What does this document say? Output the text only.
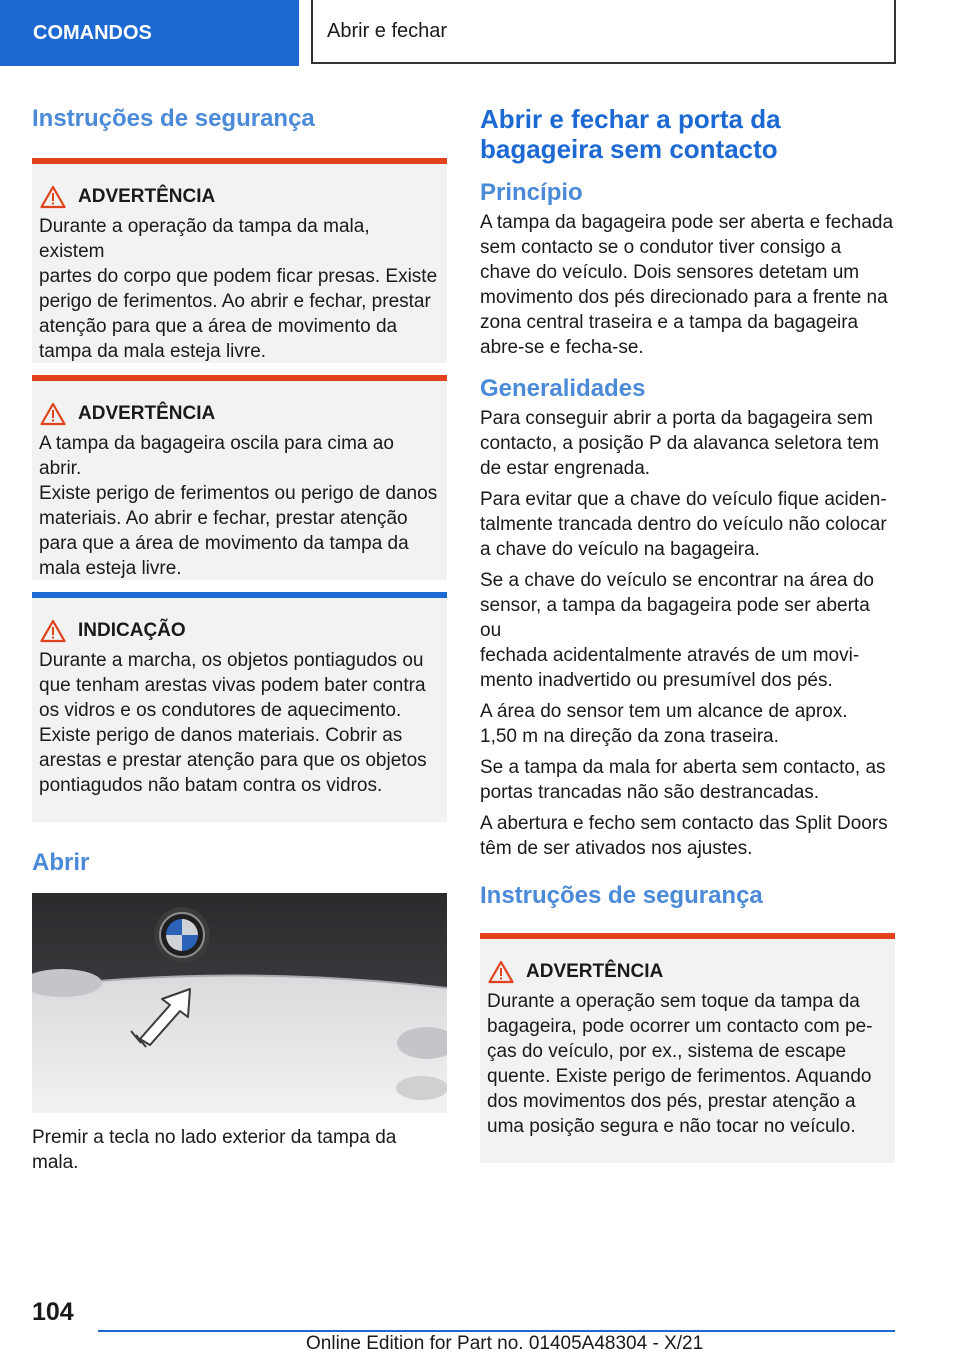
COMANDOS	Abrir e fechar
Instruções de segurança
ADVERTÊNCIA

Durante a operação da tampa da mala, existem

partes do corpo que podem ficar presas. Existe

perigo de ferimentos. Ao abrir e fechar, prestar

atenção para que a área de movimento da

tampa da mala esteja livre.

ADVERTÊNCIA

A tampa da bagageira oscila para cima ao abrir.

Existe perigo de ferimentos ou perigo de danos

materiais. Ao abrir e fechar, prestar atenção

para que a área de movimento da tampa da

mala esteja livre.

INDICAÇÃO

Durante a marcha, os objetos pontiagudos ou

que tenham arestas vivas podem bater contra

os vidros e os condutores de aquecimento.

Existe perigo de danos materiais. Cobrir as

arestas e prestar atenção para que os objetos

pontiagudos não batam contra os vidros.

Abrir

Premir a tecla no lado exterior da tampa da mala.

Abrir e fechar a porta da
bagageira sem contacto
Princípio

A tampa da bagageira pode ser aberta e fechada

sem contacto se o condutor tiver consigo a

chave do veículo. Dois sensores detetam um

movimento dos pés direcionado para a frente na

zona central traseira e a tampa da bagageira

abre-se e fecha-se.

Generalidades

Para conseguir abrir a porta da bagageira sem

contacto, a posição P da alavanca seletora tem

de estar engrenada.

Para evitar que a chave do veículo fique aciden-

talmente trancada dentro do veículo não colocar

a chave do veículo na bagageira.

Se a chave do veículo se encontrar na área do

sensor, a tampa da bagageira pode ser aberta ou

fechada acidentalmente através de um movi-

mento inadvertido ou presumível dos pés.

A área do sensor tem um alcance de aprox.

1,50 m na direção da zona traseira.

Se a tampa da mala for aberta sem contacto, as

portas trancadas não são destrancadas.

A abertura e fecho sem contacto das Split Doors

têm de ser ativados nos ajustes.

Instruções de segurança
ADVERTÊNCIA

Durante a operação sem toque da tampa da

bagageira, pode ocorrer um contacto com pe-

ças do veículo, por ex., sistema de escape

quente. Existe perigo de ferimentos. Aquando

dos movimentos dos pés, prestar atenção a

uma posição segura e não tocar no veículo.

104
Online Edition for Part no. 01405A48304 - X/21
